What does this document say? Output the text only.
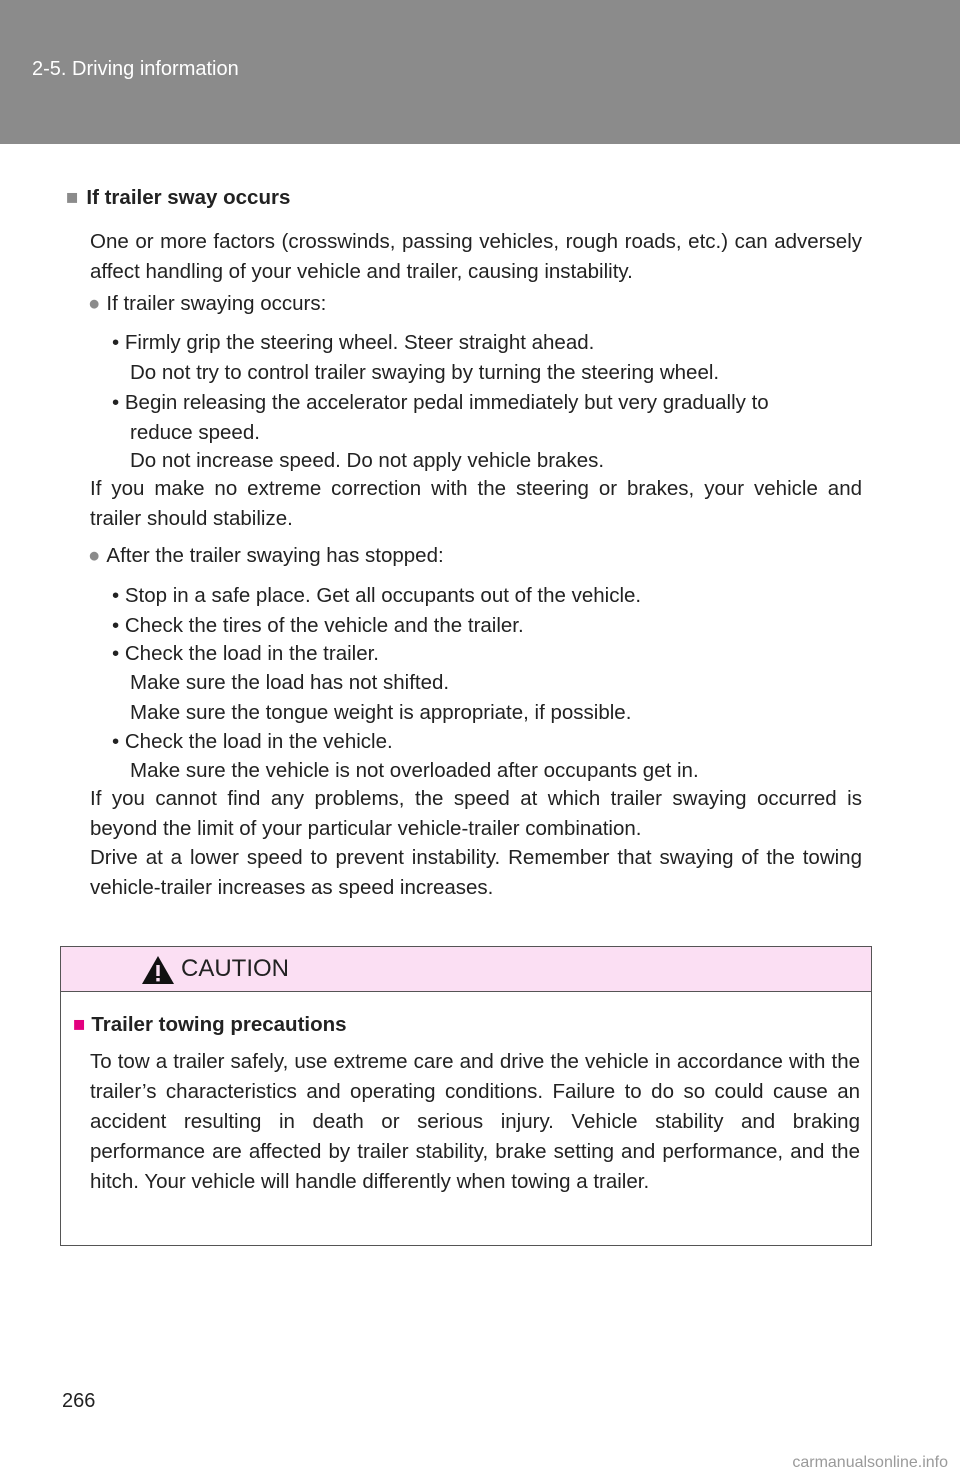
2-5. Driving information
■ If trailer sway occurs
One or more factors (crosswinds, passing vehicles, rough roads, etc.) can adversely affect handling of your vehicle and trailer, causing instability.
● If trailer swaying occurs:
• Firmly grip the steering wheel. Steer straight ahead.
Do not try to control trailer swaying by turning the steering wheel.
• Begin releasing the accelerator pedal immediately but very gradually to
reduce speed.
Do not increase speed. Do not apply vehicle brakes.
If you make no extreme correction with the steering or brakes, your vehicle and trailer should stabilize.
● After the trailer swaying has stopped:
• Stop in a safe place. Get all occupants out of the vehicle.
• Check the tires of the vehicle and the trailer.
• Check the load in the trailer.
Make sure the load has not shifted.
Make sure the tongue weight is appropriate, if possible.
• Check the load in the vehicle.
Make sure the vehicle is not overloaded after occupants get in.
If you cannot find any problems, the speed at which trailer swaying occurred is beyond the limit of your particular vehicle-trailer combination.
Drive at a lower speed to prevent instability. Remember that swaying of the towing vehicle-trailer increases as speed increases.
CAUTION
■ Trailer towing precautions
To tow a trailer safely, use extreme care and drive the vehicle in accordance with the trailer’s characteristics and operating conditions. Failure to do so could cause an accident resulting in death or serious injury. Vehicle stability and braking performance are affected by trailer stability, brake setting and performance, and the hitch. Your vehicle will handle differently when towing a trailer.
266
carmanualsonline.info
